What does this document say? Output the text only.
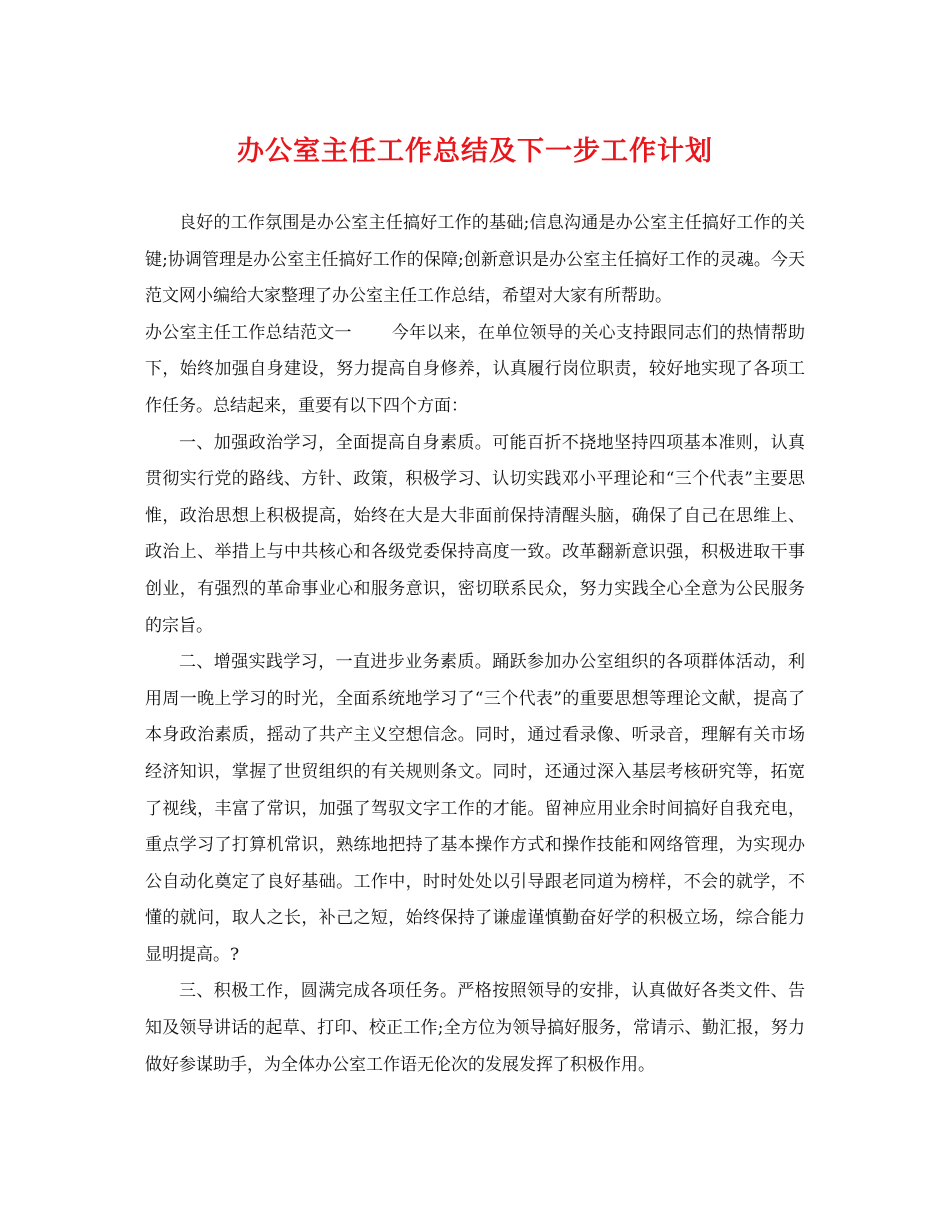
办公室主任工作总结及下一步工作计划

良好的工作氛围是办公室主任搞好工作的基础;信息沟通是办公室主任搞好工作的关键;协调管理是办公室主任搞好工作的保障;创新意识是办公室主任搞好工作的灵魂。今天范文网小编给大家整理了办公室主任工作总结，希望对大家有所帮助。

办公室主任工作总结范文一 今年以来，在单位领导的关心支持跟同志们的热情帮助下，始终加强自身建设，努力提高自身修养，认真履行岗位职责，较好地实现了各项工作任务。总结起来，重要有以下四个方面：

一、加强政治学习，全面提高自身素质。可能百折不挠地坚持四项基本准则，认真贯彻实行党的路线、方针、政策，积极学习、认切实践邓小平理论和“三个代表”主要思惟，政治思想上积极提高，始终在大是大非面前保持清醒头脑，确保了自己在思维上、政治上、举措上与中共核心和各级党委保持高度一致。改革翻新意识强，积极进取干事创业，有强烈的革命事业心和服务意识，密切联系民众，努力实践全心全意为公民服务的宗旨。

二、增强实践学习，一直进步业务素质。踊跃参加办公室组织的各项群体活动，利用周一晚上学习的时光，全面系统地学习了“三个代表”的重要思想等理论文献，提高了本身政治素质，摇动了共产主义空想信念。同时，通过看录像、听录音，理解有关市场经济知识，掌握了世贸组织的有关规则条文。同时，还通过深入基层考核研究等，拓宽了视线，丰富了常识，加强了驾驭文字工作的才能。留神应用业余时间搞好自我充电，重点学习了打算机常识，熟练地把持了基本操作方式和操作技能和网络管理，为实现办公自动化奠定了良好基础。工作中，时时处处以引导跟老同道为榜样，不会的就学，不懂的就问，取人之长，补己之短，始终保持了谦虚谨慎勤奋好学的积极立场，综合能力显明提高。?

三、积极工作，圆满完成各项任务。严格按照领导的安排，认真做好各类文件、告知及领导讲话的起草、打印、校正工作;全方位为领导搞好服务，常请示、勤汇报，努力做好参谋助手，为全体办公室工作语无伦次的发展发挥了积极作用。
